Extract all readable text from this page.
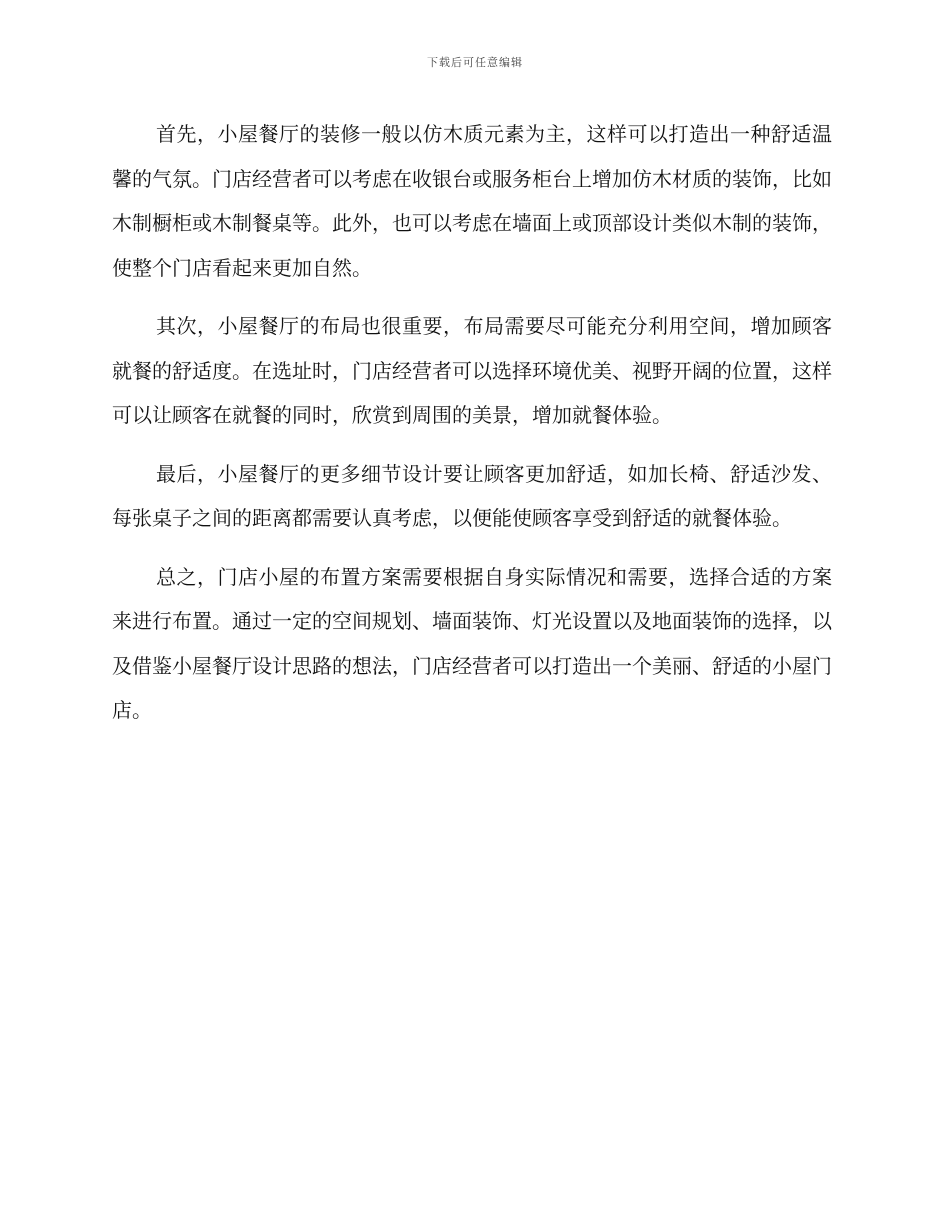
下载后可任意编辑

首先，小屋餐厅的装修一般以仿木质元素为主，这样可以打造出一种舒适温馨的气氛。门店经营者可以考虑在收银台或服务柜台上增加仿木材质的装饰，比如木制橱柜或木制餐桌等。此外，也可以考虑在墙面上或顶部设计类似木制的装饰，使整个门店看起来更加自然。

其次，小屋餐厅的布局也很重要，布局需要尽可能充分利用空间，增加顾客就餐的舒适度。在选址时，门店经营者可以选择环境优美、视野开阔的位置，这样可以让顾客在就餐的同时，欣赏到周围的美景，增加就餐体验。

最后，小屋餐厅的更多细节设计要让顾客更加舒适，如加长椅、舒适沙发、每张桌子之间的距离都需要认真考虑，以便能使顾客享受到舒适的就餐体验。

总之，门店小屋的布置方案需要根据自身实际情况和需要，选择合适的方案来进行布置。通过一定的空间规划、墙面装饰、灯光设置以及地面装饰的选择，以及借鉴小屋餐厅设计思路的想法，门店经营者可以打造出一个美丽、舒适的小屋门店。
